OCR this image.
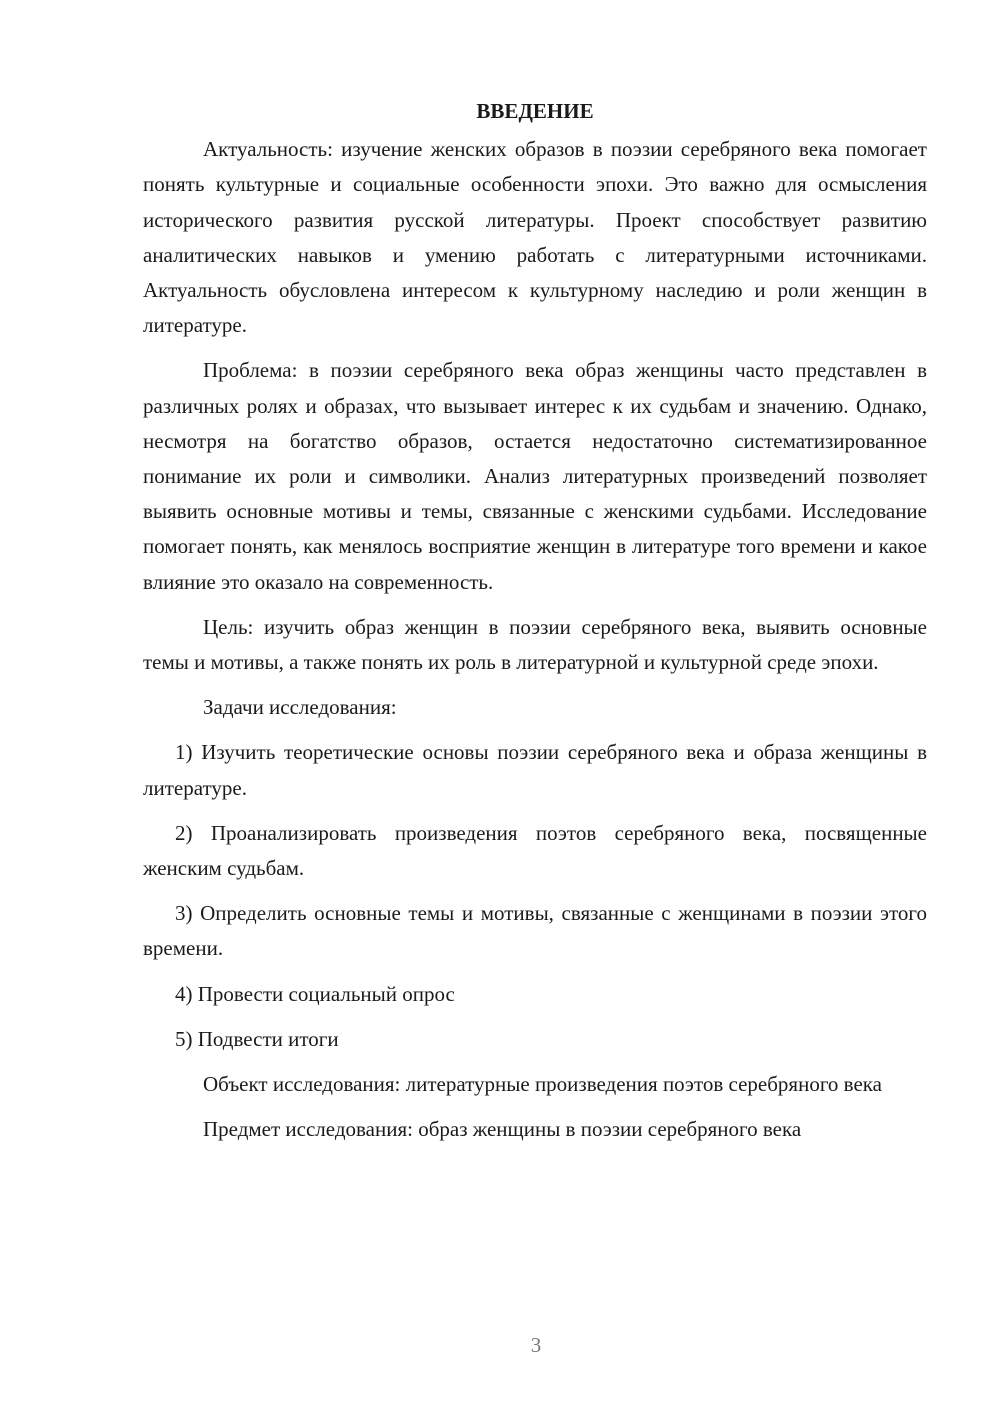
ВВЕДЕНИЕ

Актуальность: изучение женских образов в поэзии серебряного века помогает понять культурные и социальные особенности эпохи. Это важно для осмысления исторического развития русской литературы. Проект способствует развитию аналитических навыков и умению работать с литературными источниками. Актуальность обусловлена интересом к культурному наследию и роли женщин в литературе.

Проблема: в поэзии серебряного века образ женщины часто представлен в различных ролях и образах, что вызывает интерес к их судьбам и значению. Однако, несмотря на богатство образов, остается недостаточно систематизированное понимание их роли и символики. Анализ литературных произведений позволяет выявить основные мотивы и темы, связанные с женскими судьбами. Исследование помогает понять, как менялось восприятие женщин в литературе того времени и какое влияние это оказало на современность.

Цель: изучить образ женщин в поэзии серебряного века, выявить основные темы и мотивы, а также понять их роль в литературной и культурной среде эпохи.

Задачи исследования:

1) Изучить теоретические основы поэзии серебряного века и образа женщины в литературе.

2) Проанализировать произведения поэтов серебряного века, посвященные женским судьбам.

3) Определить основные темы и мотивы, связанные с женщинами в поэзии этого времени.

4) Провести социальный опрос

5) Подвести итоги

Объект исследования: литературные произведения поэтов серебряного века

Предмет исследования: образ женщины в поэзии серебряного века

3
